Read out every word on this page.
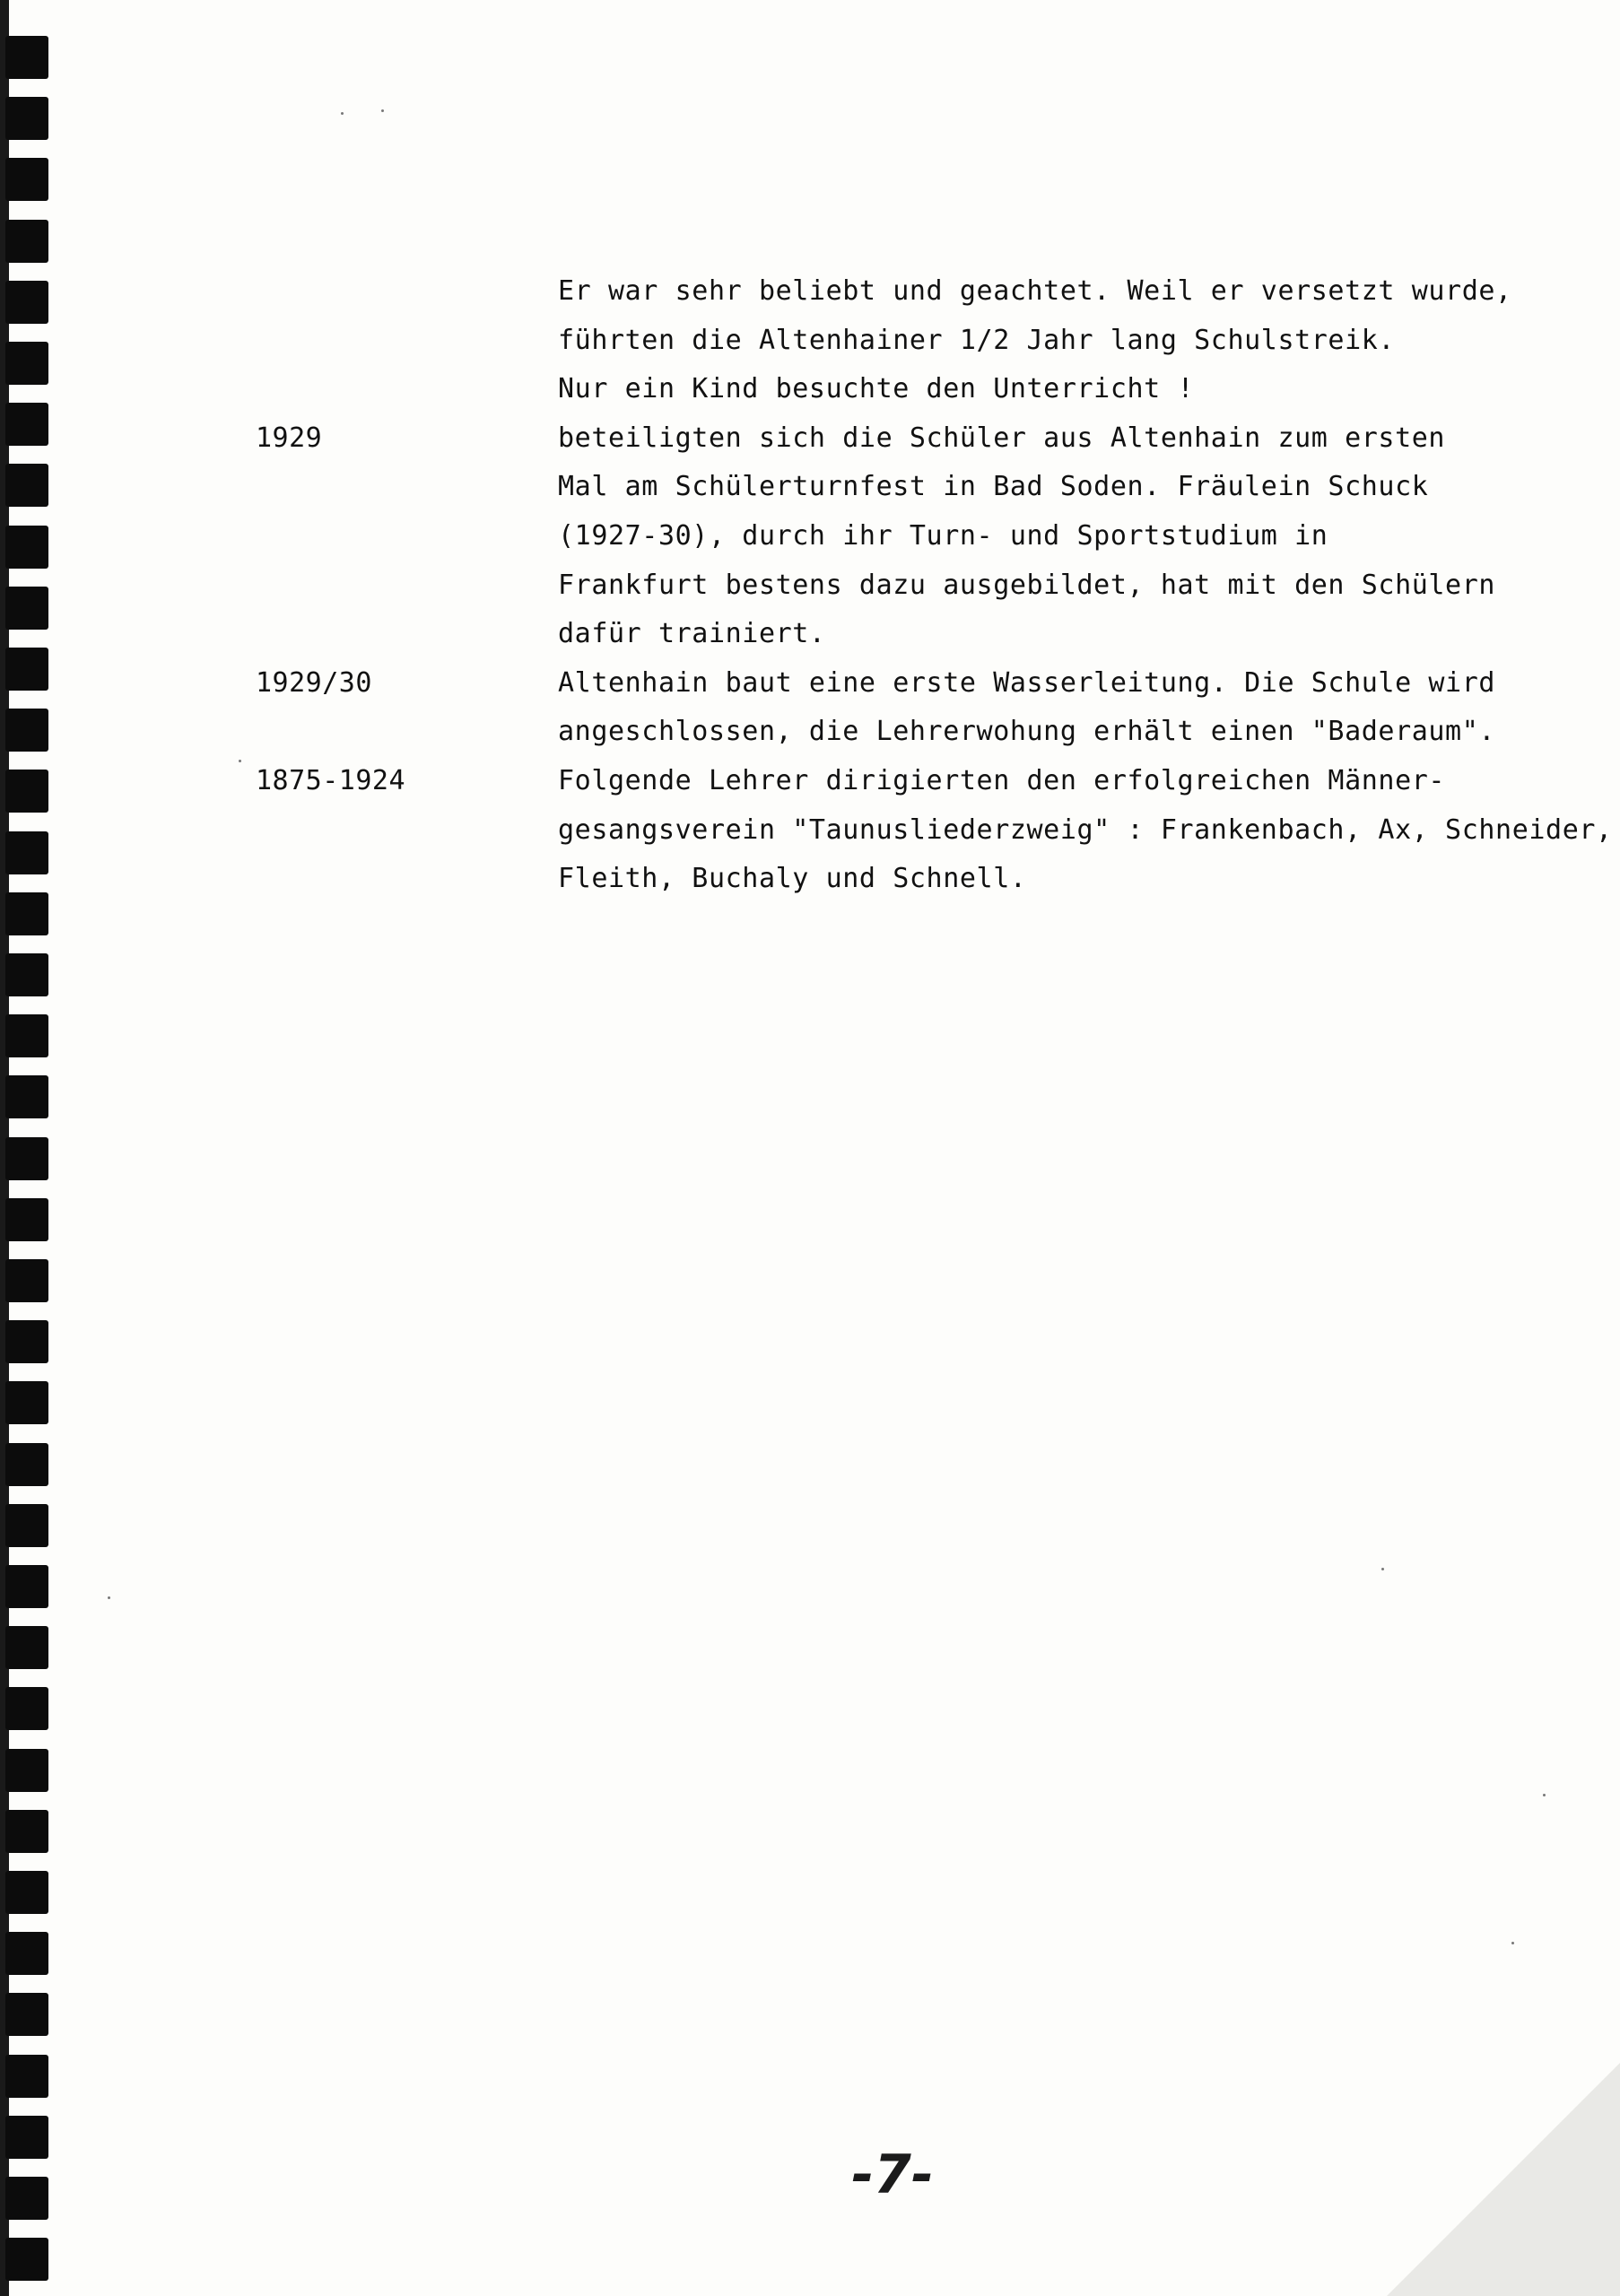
Er war sehr beliebt und geachtet. Weil er versetzt wurde,
führten die Altenhainer 1/2 Jahr lang Schulstreik.
Nur ein Kind besuchte den Unterricht !
1929	beteiligten sich die Schüler aus Altenhain zum ersten
Mal am Schülerturnfest in Bad Soden. Fräulein Schuck
(1927-30), durch ihr Turn- und Sportstudium in
Frankfurt bestens dazu ausgebildet, hat mit den Schülern
dafür trainiert.
1929/30	Altenhain baut eine erste Wasserleitung. Die Schule wird
angeschlossen, die Lehrerwohung erhält einen "Baderaum".
1875-1924	Folgende Lehrer dirigierten den erfolgreichen Männer-
gesangsverein "Taunusliederzweig" : Frankenbach, Ax, Schneider,
Fleith, Buchaly und Schnell.
-7-
